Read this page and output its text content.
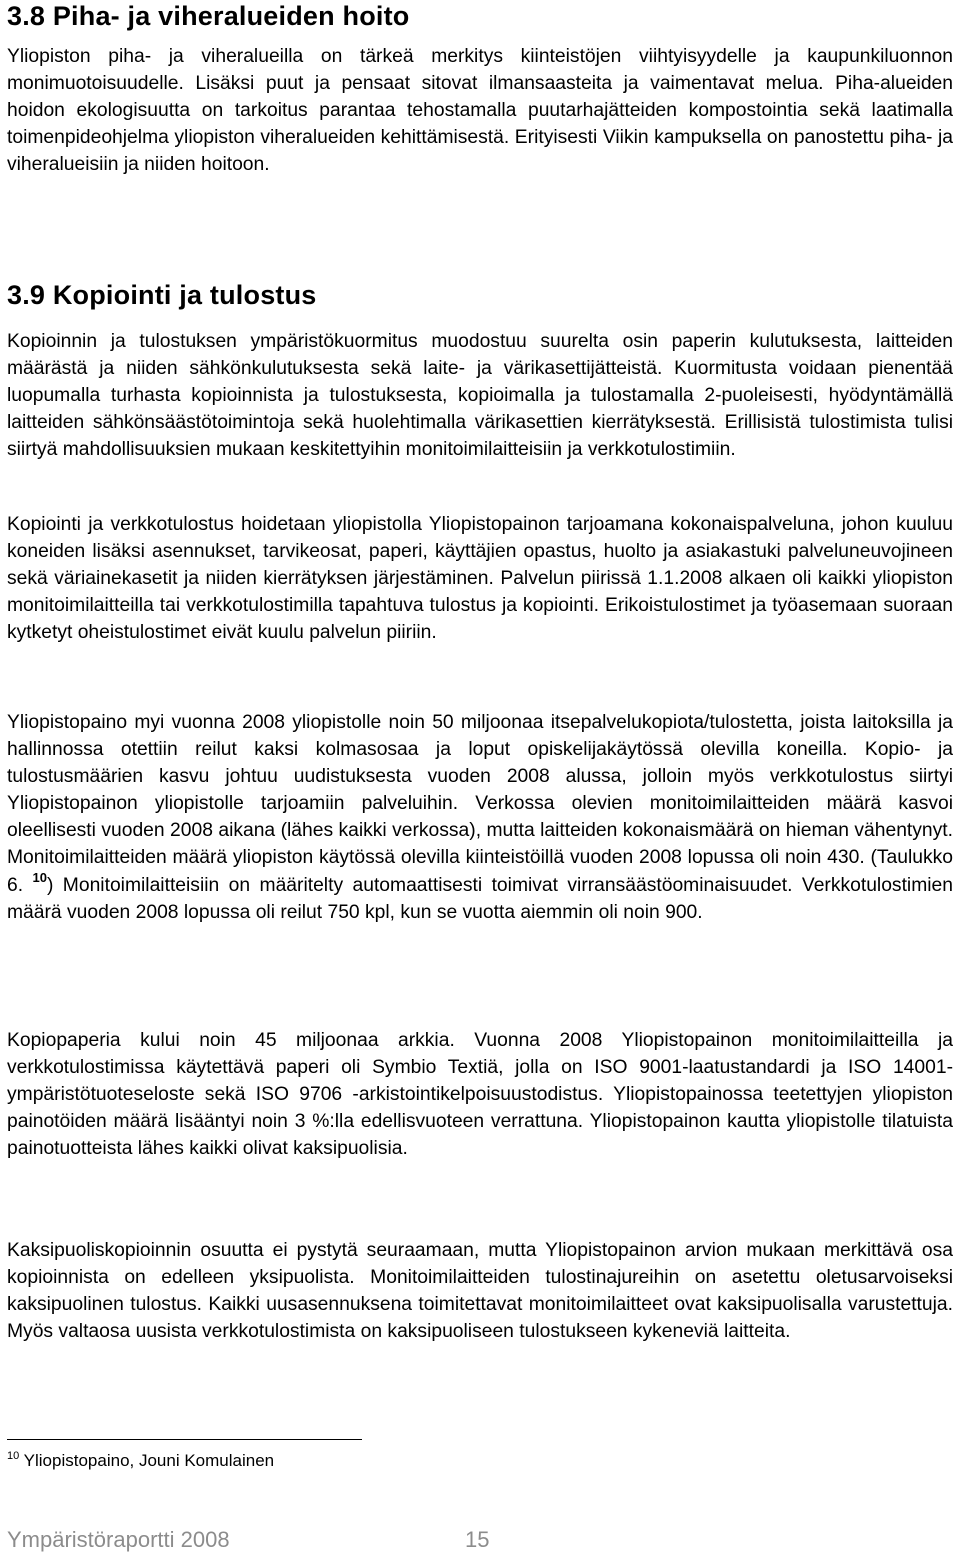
3.8 Piha- ja viheralueiden hoito

Yliopiston piha- ja viheralueilla on tärkeä merkitys kiinteistöjen viihtyisyydelle ja kaupunkiluonnon monimuotoisuudelle. Lisäksi puut ja pensaat sitovat ilmansaasteita ja vaimentavat melua. Piha-alueiden hoidon ekologisuutta on tarkoitus parantaa tehostamalla puutarhajätteiden kompostointia sekä laatimalla toimenpideohjelma yliopiston viheralueiden kehittämisestä. Erityisesti Viikin kampuksella on panostettu piha- ja viheralueisiin ja niiden hoitoon.

3.9 Kopiointi ja tulostus

Kopioinnin ja tulostuksen ympäristökuormitus muodostuu suurelta osin paperin kulutuksesta, laitteiden määrästä ja niiden sähkönkulutuksesta sekä laite- ja värikasettijätteistä. Kuormitusta voidaan pienentää luopumalla turhasta kopioinnista ja tulostuksesta, kopioimalla ja tulostamalla 2-puoleisesti, hyödyntämällä laitteiden sähkönsäästötoimintoja sekä huolehtimalla värikasettien kierrätyksestä. Erillisistä tulostimista tulisi siirtyä mahdollisuuksien mukaan keskitettyihin monitoimilaitteisiin ja verkkotulostimiin.

Kopiointi ja verkkotulostus hoidetaan yliopistolla Yliopistopainon tarjoamana kokonaispalveluna, johon kuuluu koneiden lisäksi asennukset, tarvikeosat, paperi, käyttäjien opastus, huolto ja asiakastuki palveluneuvojineen sekä väriainekasetit ja niiden kierrätyksen järjestäminen. Palvelun piirissä 1.1.2008 alkaen oli kaikki yliopiston monitoimilaitteilla tai verkkotulostimilla tapahtuva tulostus ja kopiointi. Erikoistulostimet ja työasemaan suoraan kytketyt oheistulostimet eivät kuulu palvelun piiriin.

Yliopistopaino myi vuonna 2008 yliopistolle noin 50 miljoonaa itsepalvelukopiota/tulostetta, joista laitoksilla ja hallinnossa otettiin reilut kaksi kolmasosaa ja loput opiskelijakäytössä olevilla koneilla. Kopio- ja tulostusmäärien kasvu johtuu uudistuksesta vuoden 2008 alussa, jolloin myös verkkotulostus siirtyi Yliopistopainon yliopistolle tarjoamiin palveluihin. Verkossa olevien monitoimilaitteiden määrä kasvoi oleellisesti vuoden 2008 aikana (lähes kaikki verkossa), mutta laitteiden kokonaismäärä on hieman vähentynyt. Monitoimilaitteiden määrä yliopiston käytössä olevilla kiinteistöillä vuoden 2008 lopussa oli noin 430. (Taulukko 6. $^{10}$) Monitoimilaitteisiin on määritelty automaattisesti toimivat virransäästöominaisuudet. Verkkotulostimien määrä vuoden 2008 lopussa oli reilut 750 kpl, kun se vuotta aiemmin oli noin 900.

Kopiopaperia kului noin 45 miljoonaa arkkia. Vuonna 2008 Yliopistopainon monitoimilaitteilla ja verkkotulostimissa käytettävä paperi oli Symbio Textiä, jolla on ISO 9001-laatustandardi ja ISO 14001-ympäristötuoteseloste sekä ISO 9706 -arkistointikelpoisuustodistus. Yliopistopainossa teetettyjen yliopiston painotöiden määrä lisääntyi noin 3 %:lla edellisvuoteen verrattuna. Yliopistopainon kautta yliopistolle tilatuista painotuotteista lähes kaikki olivat kaksipuolisia.

Kaksipuoliskopioinnin osuutta ei pystytä seuraamaan, mutta Yliopistopainon arvion mukaan merkittävä osa kopioinnista on edelleen yksipuolista. Monitoimilaitteiden tulostinajureihin on asetettu oletusarvoiseksi kaksipuolinen tulostus. Kaikki uusasennuksena toimitettavat monitoimilaitteet ovat kaksipuolisalla varustettuja. Myös valtaosa uusista verkkotulostimista on kaksipuoliseen tulostukseen kykeneviä laitteita.

$^{10}$ Yliopistopaino, Jouni Komulainen
Ympäristöraportti 2008	15
